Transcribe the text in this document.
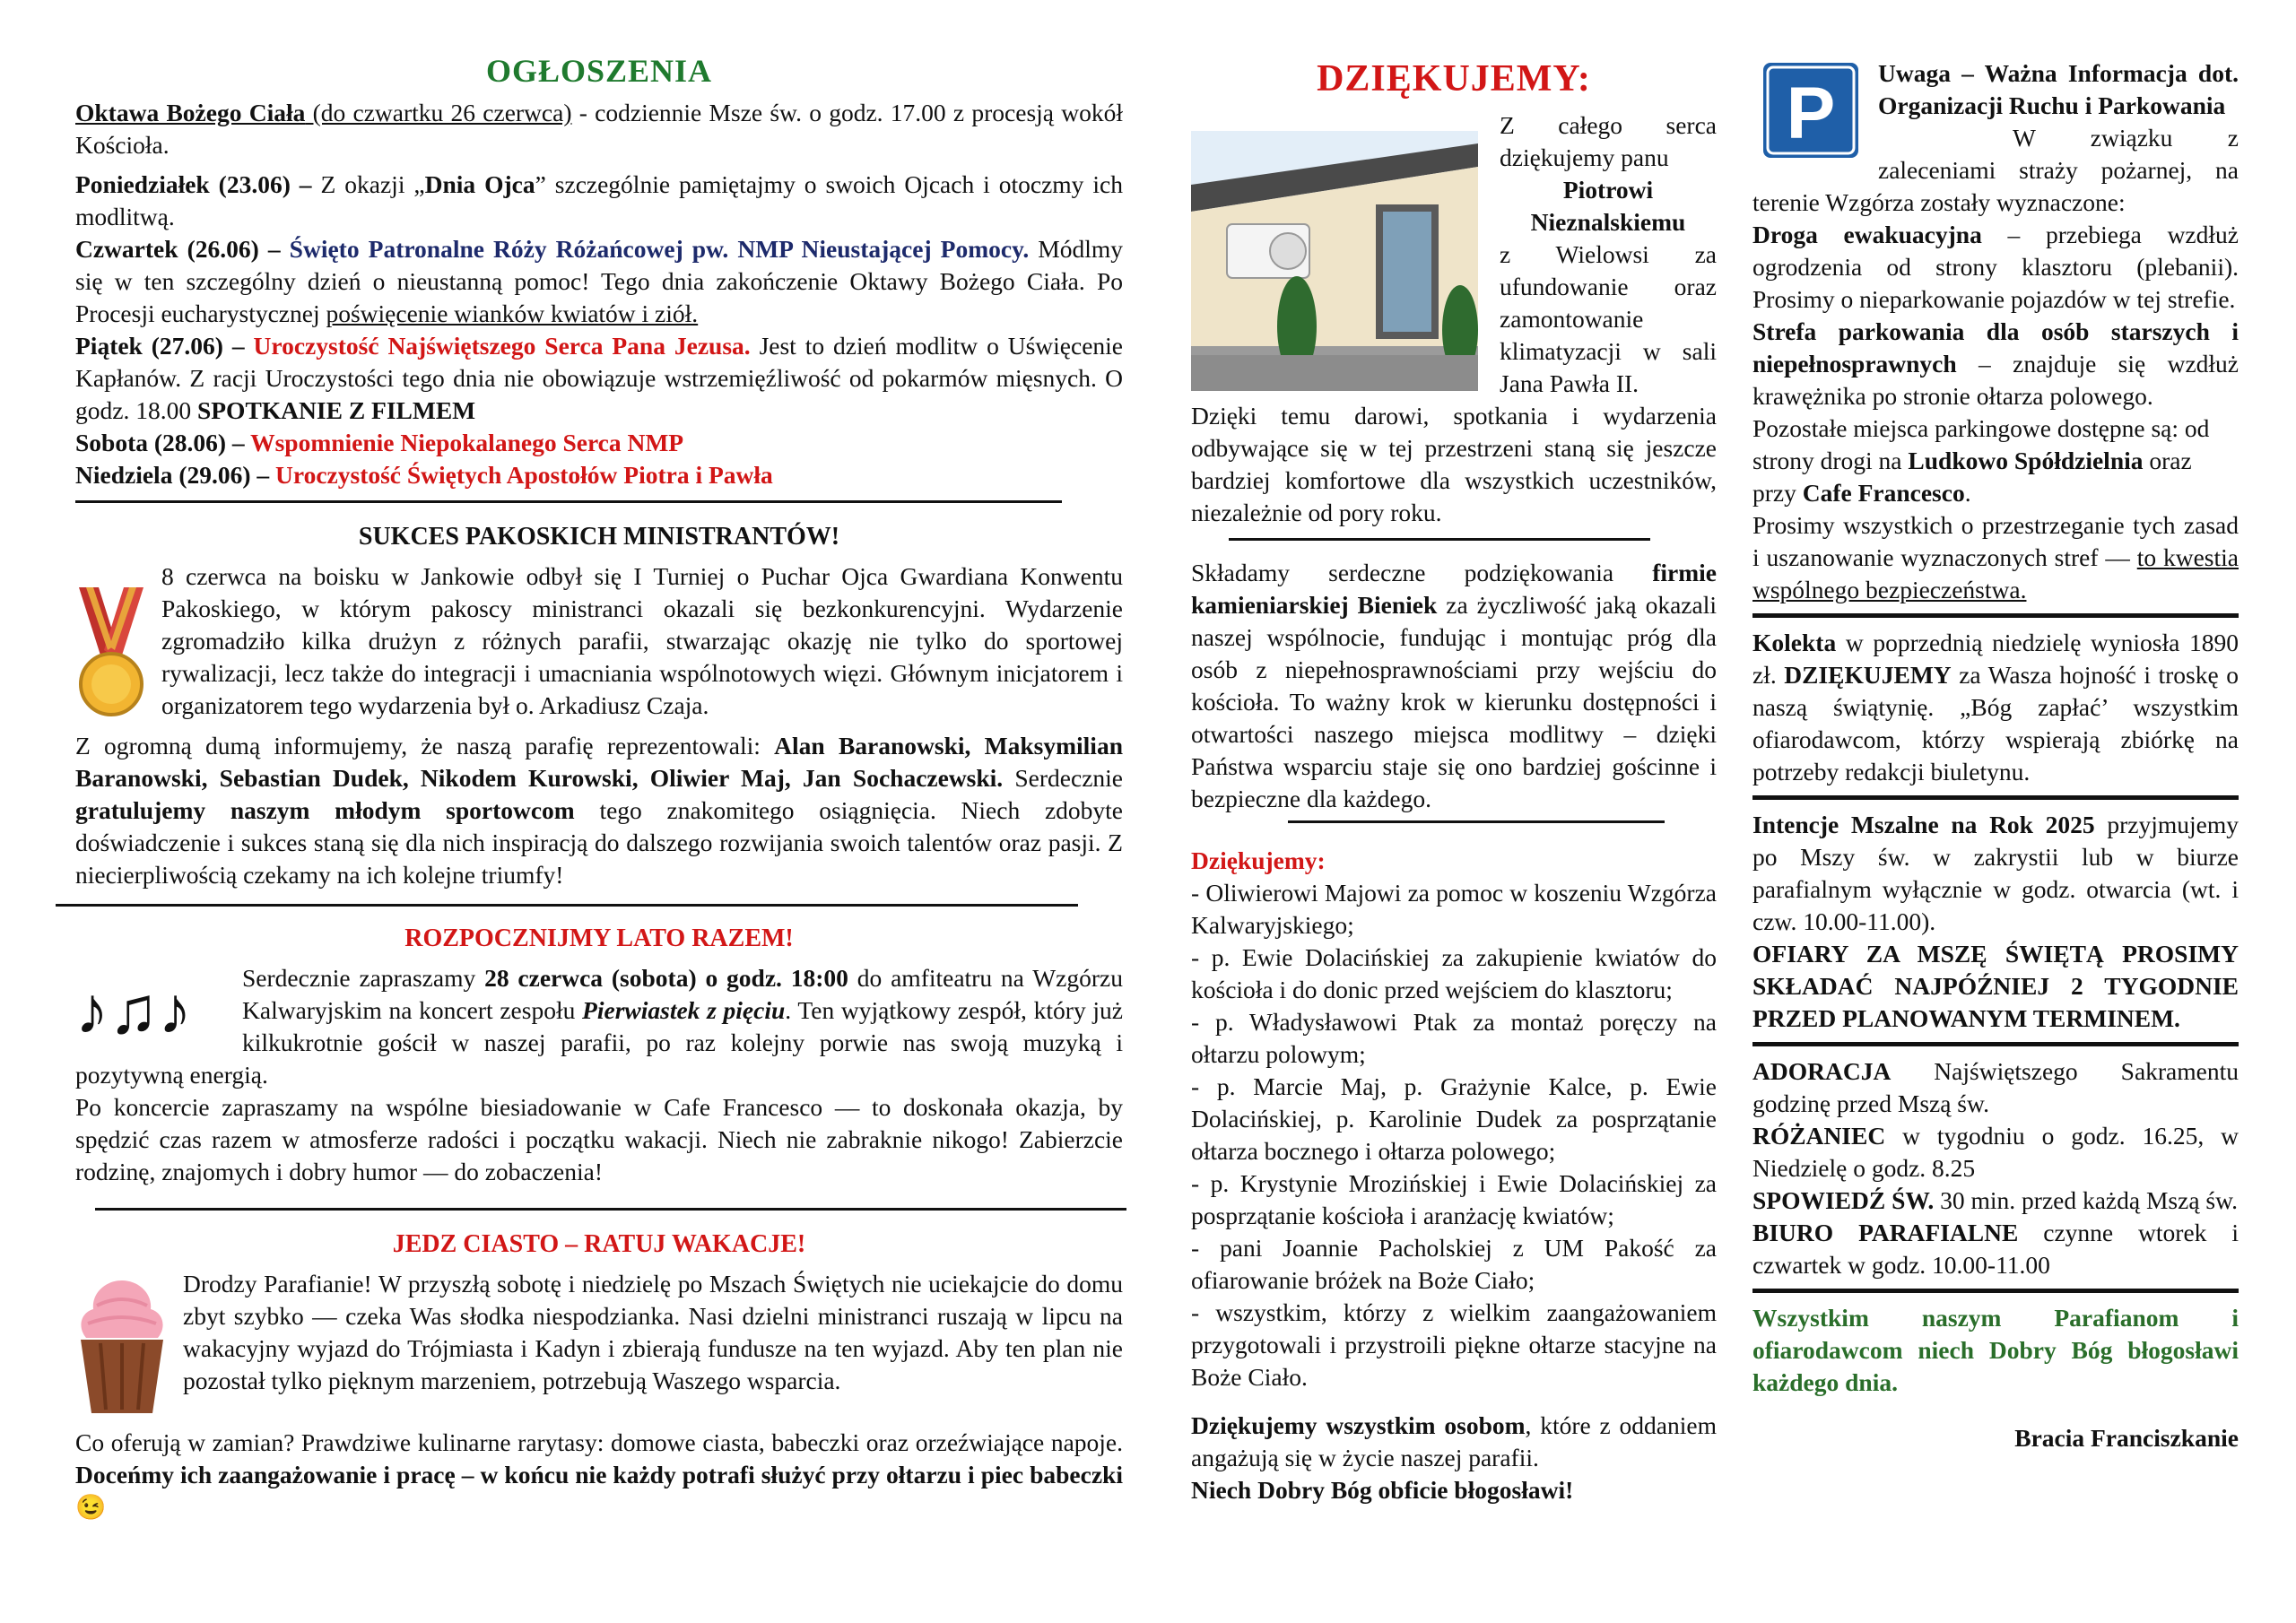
OGŁOSZENIA

Oktawa Bożego Ciała (do czwartku 26 czerwca) - codziennie Msze św. o godz. 17.00 z procesją wokół Kościoła.

Poniedziałek (23.06) – Z okazji „Dnia Ojca” szczególnie pamiętajmy o swoich Ojcach i otoczmy ich modlitwą.

Czwartek (26.06) – Święto Patronalne Róży Różańcowej pw. NMP Nieustającej Pomocy. Módlmy się w ten szczególny dzień o nieustanną pomoc! Tego dnia zakończenie Oktawy Bożego Ciała. Po Procesji eucharystycznej poświęcenie wianków kwiatów i ziół.

Piątek (27.06) – Uroczystość Najświętszego Serca Pana Jezusa. Jest to dzień modlitw o Uświęcenie Kapłanów. Z racji Uroczystości tego dnia nie obowiązuje wstrzemięźliwość od pokarmów mięsnych. O godz. 18.00 SPOTKANIE Z FILMEM

Sobota (28.06) – Wspomnienie Niepokalanego Serca NMP

Niedziela (29.06) – Uroczystość Świętych Apostołów Piotra i Pawła

SUKCES PAKOSKICH MINISTRANTÓW!

8 czerwca na boisku w Jankowie odbył się I Turniej o Puchar Ojca Gwardiana Konwentu Pakoskiego, w którym pakoscy ministranci okazali się bezkonkurencyjni. Wydarzenie zgromadziło kilka drużyn z różnych parafii, stwarzając okazję nie tylko do sportowej rywalizacji, lecz także do integracji i umacniania wspólnotowych więzi. Głównym inicjatorem i organizatorem tego wydarzenia był o. Arkadiusz Czaja.

Z ogromną dumą informujemy, że naszą parafię reprezentowali: Alan Baranowski, Maksymilian Baranowski, Sebastian Dudek, Nikodem Kurowski, Oliwier Maj, Jan Sochaczewski. Serdecznie gratulujemy naszym młodym sportowcom tego znakomitego osiągnięcia. Niech zdobyte doświadczenie i sukces staną się dla nich inspiracją do dalszego rozwijania swoich talentów oraz pasji. Z niecierpliwością czekamy na ich kolejne triumfy!

ROZPOCZNIJMY LATO RAZEM!
♪♫♪	Serdecznie zapraszamy 28 czerwca (sobota) o godz. 18:00 do amfiteatru na Wzgórzu Kalwaryjskim na koncert zespołu Pierwiastek z pięciu. Ten wyjątkowy zespół, który już kilkukrotnie gościł w naszej parafii, po raz kolejny porwie nas swoją muzyką i pozytywną energią.

Po koncercie zapraszamy na wspólne biesiadowanie w Cafe Francesco — to doskonała okazja, by spędzić czas razem w atmosferze radości i początku wakacji. Niech nie zabraknie nikogo! Zabierzcie rodzinę, znajomych i dobry humor — do zobaczenia!

JEDZ CIASTO – RATUJ WAKACJE!

Drodzy Parafianie! W przyszłą sobotę i niedzielę po Mszach Świętych nie uciekajcie do domu zbyt szybko — czeka Was słodka niespodzianka. Nasi dzielni ministranci ruszają w lipcu na wakacyjny wyjazd do Trójmiasta i Kadyn i zbierają fundusze na ten wyjazd. Aby ten plan nie pozostał tylko pięknym marzeniem, potrzebują Waszego wsparcia.

Co oferują w zamian? Prawdziwe kulinarne rarytasy: domowe ciasta, babeczki oraz orzeźwiające napoje. Doceńmy ich zaangażowanie i pracę – w końcu nie każdy potrafi służyć przy ołtarzu i piec babeczki 😉

DZIĘKUJEMY:

Z całego serca dziękujemy panu
Piotrowi Nieznalskiemu
z Wielowsi za ufundowanie oraz zamontowanie klimatyzacji w sali Jana Pawła II.

Dzięki temu darowi, spotkania i wydarzenia odbywające się w tej przestrzeni staną się jeszcze bardziej komfortowe dla wszystkich uczestników, niezależnie od pory roku.

Składamy serdeczne podziękowania firmie kamieniarskiej Bieniek za życzliwość jaką okazali naszej wspólnocie, fundując i montując próg dla osób z niepełnosprawnościami przy wejściu do kościoła. To ważny krok w kierunku dostępności i otwartości naszego miejsca modlitwy – dzięki Państwa wsparciu staje się ono bardziej gościnne i bezpieczne dla każdego.

Dziękujemy:

- Oliwierowi Majowi za pomoc w koszeniu Wzgórza Kalwaryjskiego;

- p. Ewie Dolacińskiej za zakupienie kwiatów do kościoła i do donic przed wejściem do klasztoru;

- p. Władysławowi Ptak za montaż poręczy na ołtarzu polowym;

- p. Marcie Maj, p. Grażynie Kalce, p. Ewie Dolacińskiej, p. Karolinie Dudek za posprzątanie ołtarza bocznego i ołtarza polowego;

- p. Krystynie Mrozińskiej i Ewie Dolacińskiej za posprzątanie kościoła i aranżację kwiatów;

- pani Joannie Pacholskiej z UM Pakość za ofiarowanie bróżek na Boże Ciało;

- wszystkim, którzy z wielkim zaangażowaniem przygotowali i przystroili piękne ołtarze stacyjne na Boże Ciało.

Dziękujemy wszystkim osobom, które z oddaniem angażują się w życie naszej parafii.

Niech Dobry Bóg obficie błogosławi!

P	Uwaga – Ważna Informacja dot. Organizacji Ruchu i Parkowania

W związku z zaleceniami straży pożarnej, na terenie Wzgórza zostały wyznaczone:

Droga ewakuacyjna – przebiega wzdłuż ogrodzenia od strony klasztoru (plebanii). Prosimy o nieparkowanie pojazdów w tej strefie.

Strefa parkowania dla osób starszych i niepełnosprawnych – znajduje się wzdłuż krawężnika po stronie ołtarza polowego.

Pozostałe miejsca parkingowe dostępne są: od strony drogi na Ludkowo Spółdzielnia oraz przy Cafe Francesco.

Prosimy wszystkich o przestrzeganie tych zasad i uszanowanie wyznaczonych stref — to kwestia wspólnego bezpieczeństwa.

Kolekta w poprzednią niedzielę wyniosła 1890 zł. DZIĘKUJEMY za Wasza hojność i troskę o naszą świątynię. „Bóg zapłać’ wszystkim ofiarodawcom, którzy wspierają zbiórkę na potrzeby redakcji biuletynu.

Intencje Mszalne na Rok 2025 przyjmujemy po Mszy św. w zakrystii lub w biurze parafialnym wyłącznie w godz. otwarcia (wt. i czw. 10.00-11.00).

OFIARY ZA MSZĘ ŚWIĘTĄ PROSIMY SKŁADAĆ NAJPÓŹNIEJ 2 TYGODNIE PRZED PLANOWANYM TERMINEM.

ADORACJA Najświętszego Sakramentu godzinę przed Mszą św.

RÓŻANIEC w tygodniu o godz. 16.25, w Niedzielę o godz. 8.25

SPOWIEDŹ ŚW. 30 min. przed każdą Mszą św.

BIURO PARAFIALNE czynne wtorek i czwartek w godz. 10.00-11.00

Wszystkim naszym Parafianom i ofiarodawcom niech Dobry Bóg błogosławi każdego dnia.

Bracia Franciszkanie
